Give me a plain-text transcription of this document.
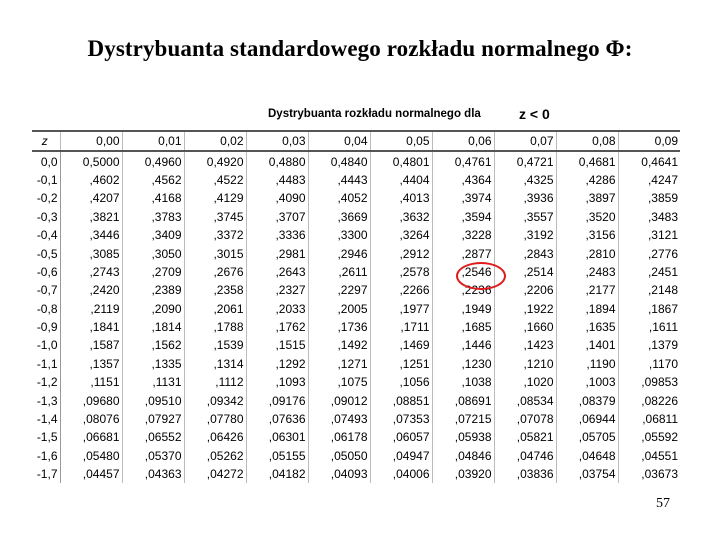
Dystrybuanta standardowego rozkładu normalnego Φ:
Dystrybuanta rozkładu normalnego dla	z < 0
z	0,00	0,01	0,02	0,03	0,04	0,05	0,06	0,07	0,08	0,09
0,0	0,5000	0,4960	0,4920	0,4880	0,4840	0,4801	0,4761	0,4721	0,4681	0,4641
-0,1	,4602	,4562	,4522	,4483	,4443	,4404	,4364	,4325	,4286	,4247
-0,2	,4207	,4168	,4129	,4090	,4052	,4013	,3974	,3936	,3897	,3859
-0,3	,3821	,3783	,3745	,3707	,3669	,3632	,3594	,3557	,3520	,3483
-0,4	,3446	,3409	,3372	,3336	,3300	,3264	,3228	,3192	,3156	,3121
-0,5	,3085	,3050	,3015	,2981	,2946	,2912	,2877	,2843	,2810	,2776
-0,6	,2743	,2709	,2676	,2643	,2611	,2578	,2546	,2514	,2483	,2451
-0,7	,2420	,2389	,2358	,2327	,2297	,2266	,2236	,2206	,2177	,2148
-0,8	,2119	,2090	,2061	,2033	,2005	,1977	,1949	,1922	,1894	,1867
-0,9	,1841	,1814	,1788	,1762	,1736	,1711	,1685	,1660	,1635	,1611
-1,0	,1587	,1562	,1539	,1515	,1492	,1469	,1446	,1423	,1401	,1379
-1,1	,1357	,1335	,1314	,1292	,1271	,1251	,1230	,1210	,1190	,1170
-1,2	,1151	,1131	,1112	,1093	,1075	,1056	,1038	,1020	,1003	,09853
-1,3	,09680	,09510	,09342	,09176	,09012	,08851	,08691	,08534	,08379	,08226
-1,4	,08076	,07927	,07780	,07636	,07493	,07353	,07215	,07078	,06944	,06811
-1,5	,06681	,06552	,06426	,06301	,06178	,06057	,05938	,05821	,05705	,05592
-1,6	,05480	,05370	,05262	,05155	,05050	,04947	,04846	,04746	,04648	,04551
-1,7	,04457	,04363	,04272	,04182	,04093	,04006	,03920	,03836	,03754	,03673
57
